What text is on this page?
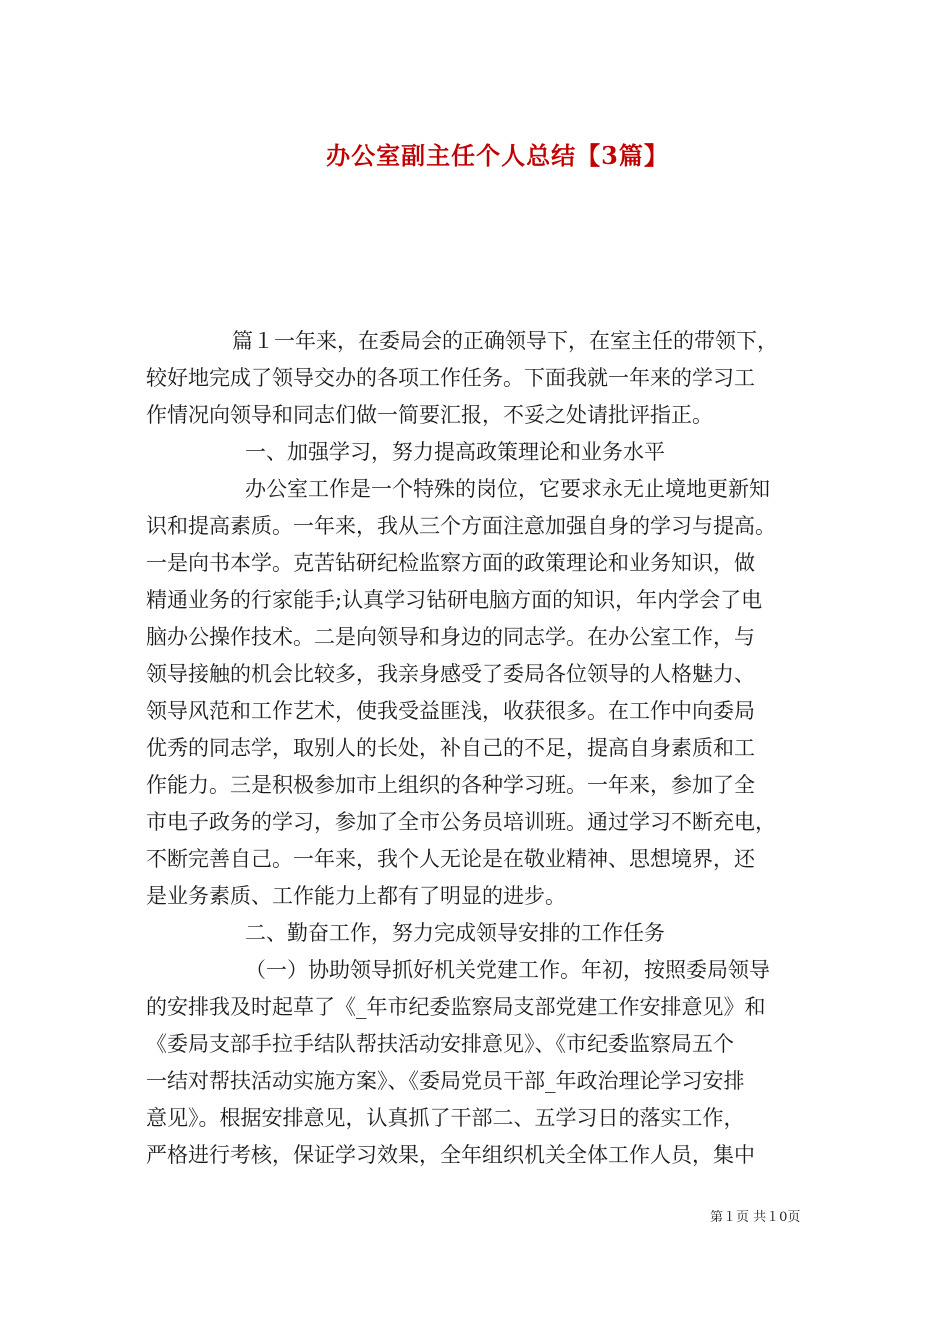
办公室副主任个人总结【3篇】
篇１一年来，在委局会的正确领导下，在室主任的带领下，
较好地完成了领导交办的各项工作任务。下面我就一年来的学习工
作情况向领导和同志们做一简要汇报，不妥之处请批评指正。
一、加强学习，努力提高政策理论和业务水平
办公室工作是一个特殊的岗位，它要求永无止境地更新知
识和提高素质。一年来，我从三个方面注意加强自身的学习与提高。
一是向书本学。克苦钻研纪检监察方面的政策理论和业务知识，做
精通业务的行家能手;认真学习钻研电脑方面的知识，年内学会了电
脑办公操作技术。二是向领导和身边的同志学。在办公室工作，与
领导接触的机会比较多，我亲身感受了委局各位领导的人格魅力、
领导风范和工作艺术，使我受益匪浅，收获很多。在工作中向委局
优秀的同志学，取别人的长处，补自己的不足，提高自身素质和工
作能力。三是积极参加市上组织的各种学习班。一年来，参加了全
市电子政务的学习，参加了全市公务员培训班。通过学习不断充电，
不断完善自己。一年来，我个人无论是在敬业精神、思想境界，还
是业务素质、工作能力上都有了明显的进步。
二、勤奋工作，努力完成领导安排的工作任务
（一）协助领导抓好机关党建工作。年初，按照委局领导
的安排我及时起草了《_年市纪委监察局支部党建工作安排意见》和
《委局支部手拉手结队帮扶活动安排意见》、《市纪委监察局五个
一结对帮扶活动实施方案》、《委局党员干部_年政治理论学习安排
意见》。根据安排意见，认真抓了干部二、五学习日的落实工作，
严格进行考核，保证学习效果，全年组织机关全体工作人员，集中
第１页 共１0页
